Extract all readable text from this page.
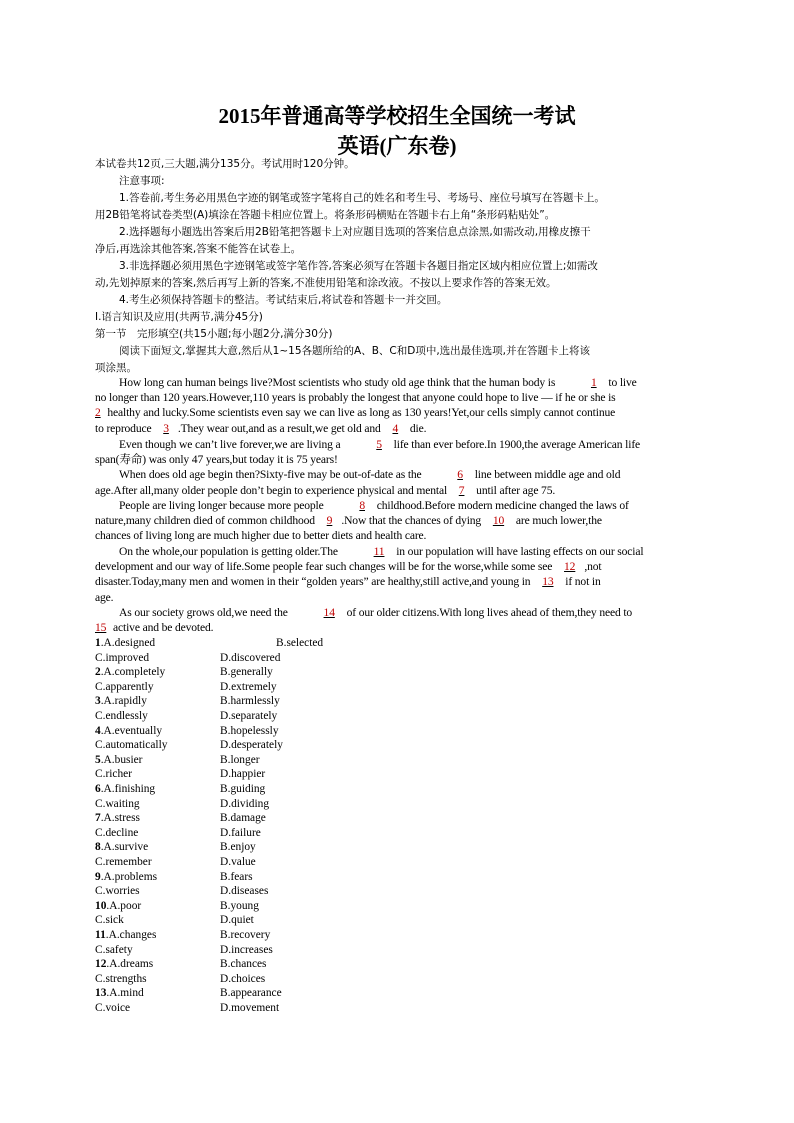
2015年普通高等学校招生全国统一考试
英语(广东卷)
本试卷共12页,三大题,满分135分。考试用时120分钟。
注意事项:
1.答卷前,考生务必用黑色字迹的钢笔或签字笔将自己的姓名和考生号、考场号、座位号填写在答题卡上。
用2B铅笔将试卷类型(A)填涂在答题卡相应位置上。将条形码横贴在答题卡右上角“条形码粘贴处”。
2.选择题每小题选出答案后用2B铅笔把答题卡上对应题目选项的答案信息点涂黑,如需改动,用橡皮擦干
净后,再选涂其他答案,答案不能答在试卷上。
3.非选择题必须用黑色字迹钢笔或签字笔作答,答案必须写在答题卡各题目指定区域内相应位置上;如需改
动,先划掉原来的答案,然后再写上新的答案,不准使用铅笔和涂改液。不按以上要求作答的答案无效。
4.考生必须保持答题卡的整洁。考试结束后,将试卷和答题卡一并交回。
Ⅰ.语言知识及应用(共两节,满分45分)
第一节　完形填空(共15小题;每小题2分,满分30分)
阅读下面短文,掌握其大意,然后从1~15各题所给的A、B、C和D项中,选出最佳选项,并在答题卡上将该
项涂黑。
How long can human beings live?Most scientists who study old age think that the human body is	1 to live
no longer than 120 years.However,110 years is probably the longest that anyone could hope to live — if he or she is
2 healthy and lucky.Some scientists even say we can live as long as 130 years!Yet,our cells simply cannot continue
to reproduce 3 .They wear out,and as a result,we get old and 4 die.
Even though we can’t live forever,we are living a	5 life than ever before.In 1900,the average American life
span(寿命) was only 47 years,but today it is 75 years!
When does old age begin then?Sixty-five may be out-of-date as the	6 line between middle age and old
age.After all,many older people don’t begin to experience physical and mental 7 until after age 75.
People are living longer because more people	8 childhood.Before modern medicine changed the laws of
nature,many children died of common childhood 9 .Now that the chances of dying 10 are much lower,the
chances of living long are much higher due to better diets and health care.
On the whole,our population is getting older.The	11 in our population will have lasting effects on our social
development and our way of life.Some people fear such changes will be for the worse,while some see 12 ,not
disaster.Today,many men and women in their “golden years” are healthy,still active,and young in 13 if not in
age.
As our society grows old,we need the	14 of our older citizens.With long lives ahead of them,they need to
15 active and be devoted.
1.A.designed	B.selected
C.improved	D.discovered
2.A.completely	B.generally
C.apparently	D.extremely
3.A.rapidly	B.harmlessly
C.endlessly	D.separately
4.A.eventually	B.hopelessly
C.automatically	D.desperately
5.A.busier	B.longer
C.richer	D.happier
6.A.finishing	B.guiding
C.waiting	D.dividing
7.A.stress	B.damage
C.decline	D.failure
8.A.survive	B.enjoy
C.remember	D.value
9.A.problems	B.fears
C.worries	D.diseases
10.A.poor	B.young
C.sick	D.quiet
11.A.changes	B.recovery
C.safety	D.increases
12.A.dreams	B.chances
C.strengths	D.choices
13.A.mind	B.appearance
C.voice	D.movement
